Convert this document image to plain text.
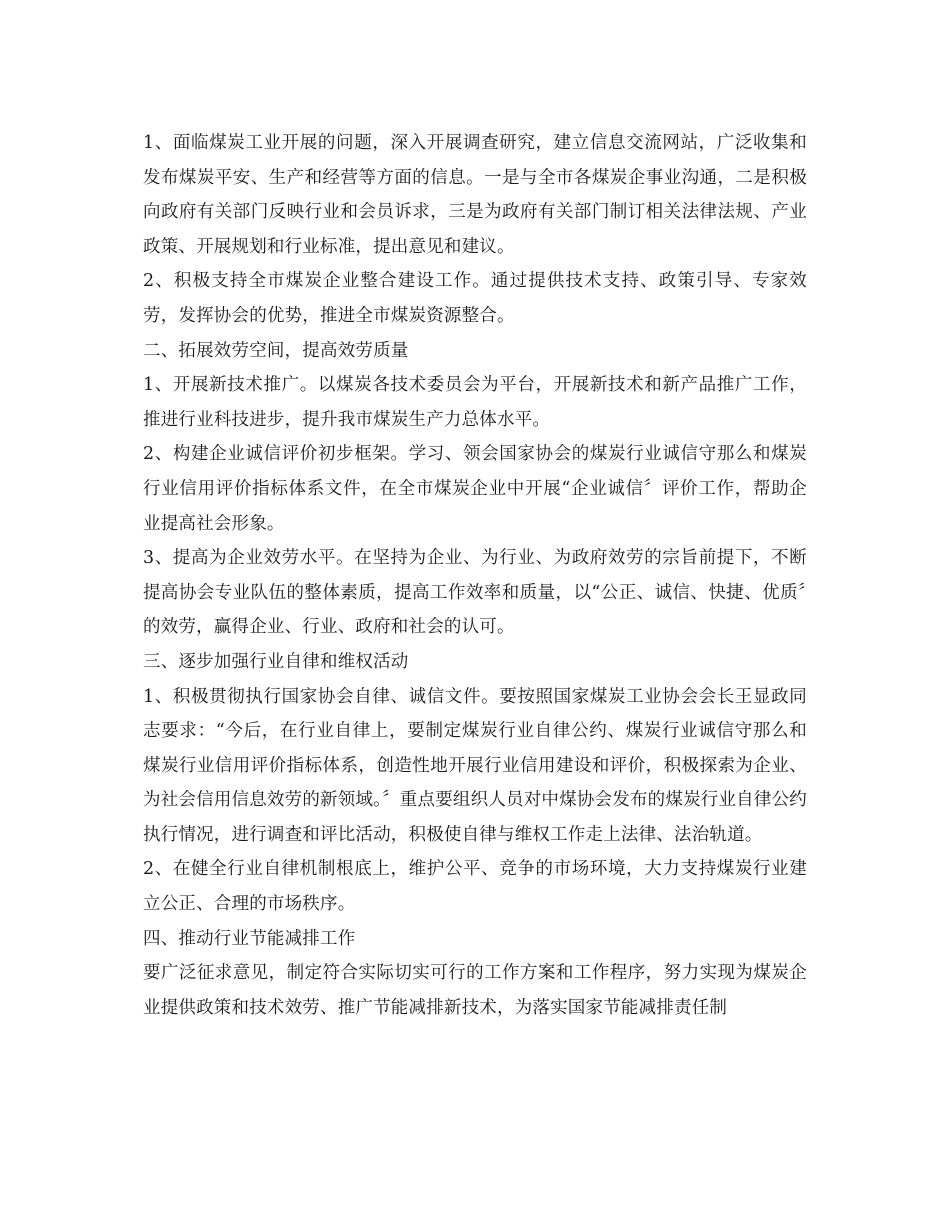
1、面临煤炭工业开展的问题，深入开展调查研究，建立信息交流网站，广泛收集和发布煤炭平安、生产和经营等方面的信息。一是与全市各煤炭企事业沟通，二是积极向政府有关部门反映行业和会员诉求，三是为政府有关部门制订相关法律法规、产业政策、开展规划和行业标准，提出意见和建议。

2、积极支持全市煤炭企业整合建设工作。通过提供技术支持、政策引导、专家效劳，发挥协会的优势，推进全市煤炭资源整合。

二、拓展效劳空间，提高效劳质量

1、开展新技术推广。以煤炭各技术委员会为平台，开展新技术和新产品推广工作，推进行业科技进步，提升我市煤炭生产力总体水平。

2、构建企业诚信评价初步框架。学习、领会国家协会的煤炭行业诚信守那么和煤炭行业信用评价指标体系文件，在全市煤炭企业中开展“企业诚信〞评价工作，帮助企业提高社会形象。

3、提高为企业效劳水平。在坚持为企业、为行业、为政府效劳的宗旨前提下，不断提高协会专业队伍的整体素质，提高工作效率和质量，以“公正、诚信、快捷、优质〞的效劳，赢得企业、行业、政府和社会的认可。

三、逐步加强行业自律和维权活动

1、积极贯彻执行国家协会自律、诚信文件。要按照国家煤炭工业协会会长王显政同志要求：“今后，在行业自律上，要制定煤炭行业自律公约、煤炭行业诚信守那么和煤炭行业信用评价指标体系，创造性地开展行业信用建设和评价，积极探索为企业、为社会信用信息效劳的新领域。〞重点要组织人员对中煤协会发布的煤炭行业自律公约执行情况，进行调查和评比活动，积极使自律与维权工作走上法律、法治轨道。

2、在健全行业自律机制根底上，维护公平、竞争的市场环境，大力支持煤炭行业建立公正、合理的市场秩序。

四、推动行业节能减排工作

要广泛征求意见，制定符合实际切实可行的工作方案和工作程序，努力实现为煤炭企业提供政策和技术效劳、推广节能减排新技术，为落实国家节能减排责任制
